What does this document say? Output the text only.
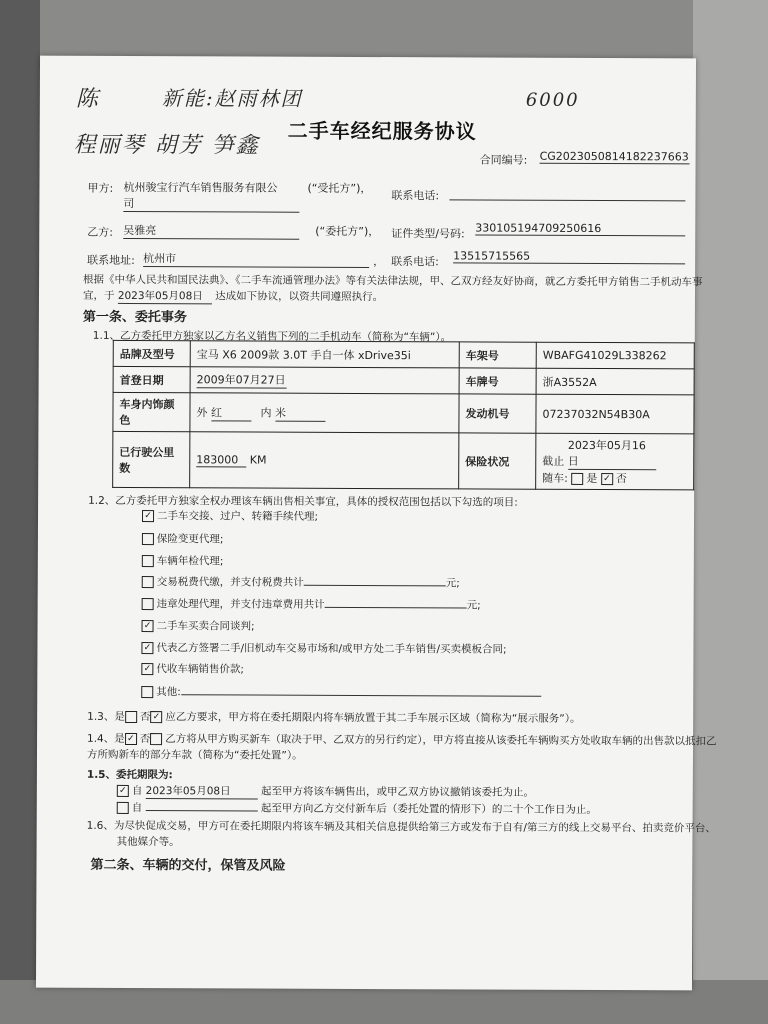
陈	新能:赵雨林团	6000
程丽琴 胡芳 笋鑫
二手车经纪服务协议
合同编号: CG2023050814182237663
甲方: 杭州骏宝行汽车销售服务有限公
司
(“受托方”)，
联系电话:
乙方: 吴雅亮	(“委托方”)， 证件类型/号码: 330105194709250616
联系地址: 杭州市	， 联系电话: 13515715565
根据《中华人民共和国民法典》、《二手车流通管理办法》等有关法律法规，甲、乙双方经友好协商，就乙方委托甲方销售二手机动车事
宜，于 2023年05月08日 达成如下协议，以资共同遵照执行。
第一条、委托事务
1.1、乙方委托甲方独家以乙方名义销售下列的二手机动车（简称为“车辆”）。
品牌及型号	宝马 X6 2009款 3.0T 手自一体 xDrive35i	车架号	WBAFG41029L338262
首登日期	2009年07月27日	车牌号	浙A3552A
车身内饰颜色	外 红 内 米	发动机号	07237032N54B30A
已行驶公里数	183000 KM	保险状况	截止 2023年05月16日
随车: 是 ✓ 否
1.2、乙方委托甲方独家全权办理该车辆出售相关事宜，具体的授权范围包括以下勾选的项目:
✓ 二手车交接、过户、转籍手续代理;
保险变更代理;
车辆年检代理;
交易税费代缴，并支付税费共计	元;
违章处理代理，并支付违章费用共计	元;
✓ 二手车买卖合同谈判;
✓ 代表乙方签署二手/旧机动车交易市场和/或甲方处二手车销售/买卖模板合同;
✓ 代收车辆销售价款;
其他:
1.3、是 否 ✓ 应乙方要求，甲方将在委托期限内将车辆放置于其二手车展示区域（简称为“展示服务”）。
1.4、是 ✓ 否 乙方将从甲方购买新车（取决于甲、乙双方的另行约定），甲方将直接从该委托车辆购买方处收取车辆的出售款以抵扣乙
方所购新车的部分车款（简称为“委托处置”）。
1.5、委托期限为:
✓ 自 2023年05月08日	起至甲方将该车辆售出，或甲乙双方协议撤销该委托为止。
自	起至甲方向乙方交付新车后（委托处置的情形下）的二十个工作日为止。
1.6、为尽快促成交易，甲方可在委托期限内将该车辆及其相关信息提供给第三方或发布于自有/第三方的线上交易平台、拍卖竞价平台、
其他媒介等。
第二条、车辆的交付，保管及风险
